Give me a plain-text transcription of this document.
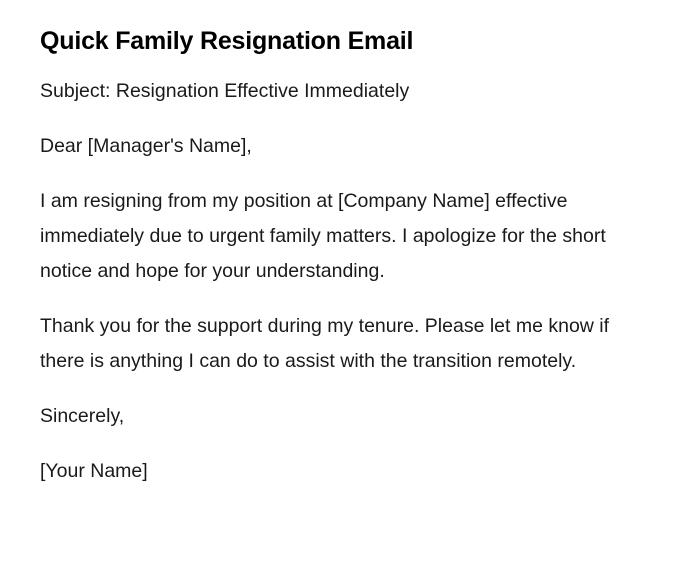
Quick Family Resignation Email

Subject: Resignation Effective Immediately

Dear [Manager's Name],

I am resigning from my position at [Company Name] effective immediately due to urgent family matters. I apologize for the short notice and hope for your understanding.

Thank you for the support during my tenure. Please let me know if there is anything I can do to assist with the transition remotely.

Sincerely,

[Your Name]
